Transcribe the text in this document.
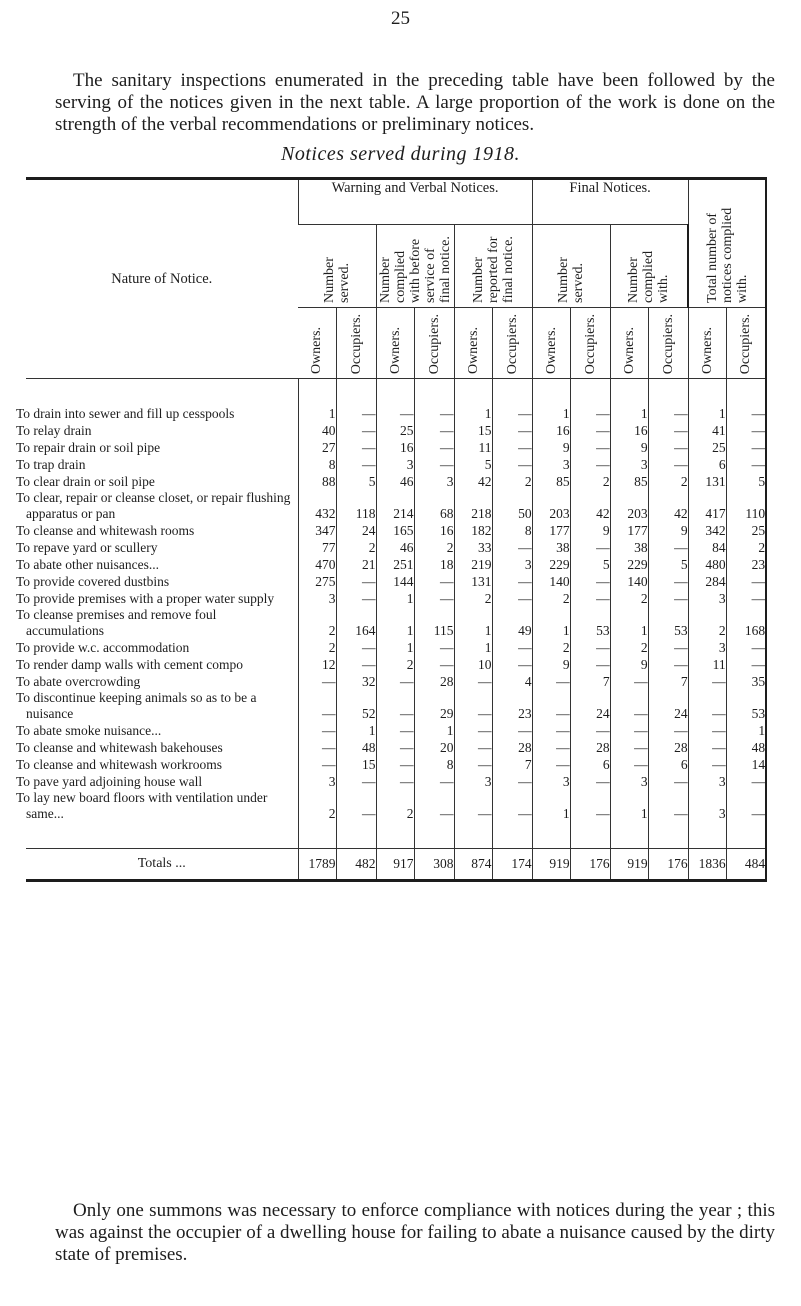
25

The sanitary inspections enumerated in the preceding table have been followed by the serving of the notices given in the next table. A large proportion of the work is done on the strength of the verbal recommendations or preliminary notices.

Notices served during 1918.
Nature of Notice.	Warning and Verbal Notices.						Final Notices.				Total number of notices complied with.	

	Number served.		Number complied with before service of final notice.		Number reported for final notice.		Number served.		Number complied with.			

	Owners.	Occupiers.	Owners.	Occupiers.	Owners.	Occupiers.	Owners.	Occupiers.	Owners.	Occupiers.	Owners.	Occupiers.

To drain into sewer and fill up cesspools	1	—	—	—	1	—	1	—	1	—	1	—
To relay drain	40	—	25	—	15	—	16	—	16	—	41	—
To repair drain or soil pipe	27	—	16	—	11	—	9	—	9	—	25	—
To trap drain	8	—	3	—	5	—	3	—	3	—	6	—
To clear drain or soil pipe	88	5	46	3	42	2	85	2	85	2	131	5
To clear, repair or cleanse closet, or repair flushing apparatus or pan	432	118	214	68	218	50	203	42	203	42	417	110
To cleanse and whitewash rooms	347	24	165	16	182	8	177	9	177	9	342	25
To repave yard or scullery	77	2	46	2	33	—	38	—	38	—	84	2
To abate other nuisances...	470	21	251	18	219	3	229	5	229	5	480	23
To provide covered dustbins	275	—	144	—	131	—	140	—	140	—	284	—
To provide premises with a proper water supply	3	—	1	—	2	—	2	—	2	—	3	—
To cleanse premises and remove foul accumulations	2	164	1	115	1	49	1	53	1	53	2	168
To provide w.c. accommodation	2	—	1	—	1	—	2	—	2	—	3	—
To render damp walls with cement compo	12	—	2	—	10	—	9	—	9	—	11	—
To abate overcrowding	—	32	—	28	—	4	—	7	—	7	—	35
To discontinue keeping animals so as to be a nuisance	—	52	—	29	—	23	—	24	—	24	—	53
To abate smoke nuisance...	—	1	—	1	—	—	—	—	—	—	—	1
To cleanse and whitewash bakehouses	—	48	—	20	—	28	—	28	—	28	—	48
To cleanse and whitewash workrooms	—	15	—	8	—	7	—	6	—	6	—	14
To pave yard adjoining house wall	3	—	—	—	3	—	3	—	3	—	3	—
To lay new board floors with ventilation under same...	2	—	2	—	—	—	1	—	1	—	3	—

Totals ...	1789	482	917	308	874	174	919	176	919	176	1836	484

Only one summons was necessary to enforce compliance with notices during the year ; this was against the occupier of a dwelling house for failing to abate a nuisance caused by the dirty state of premises.
